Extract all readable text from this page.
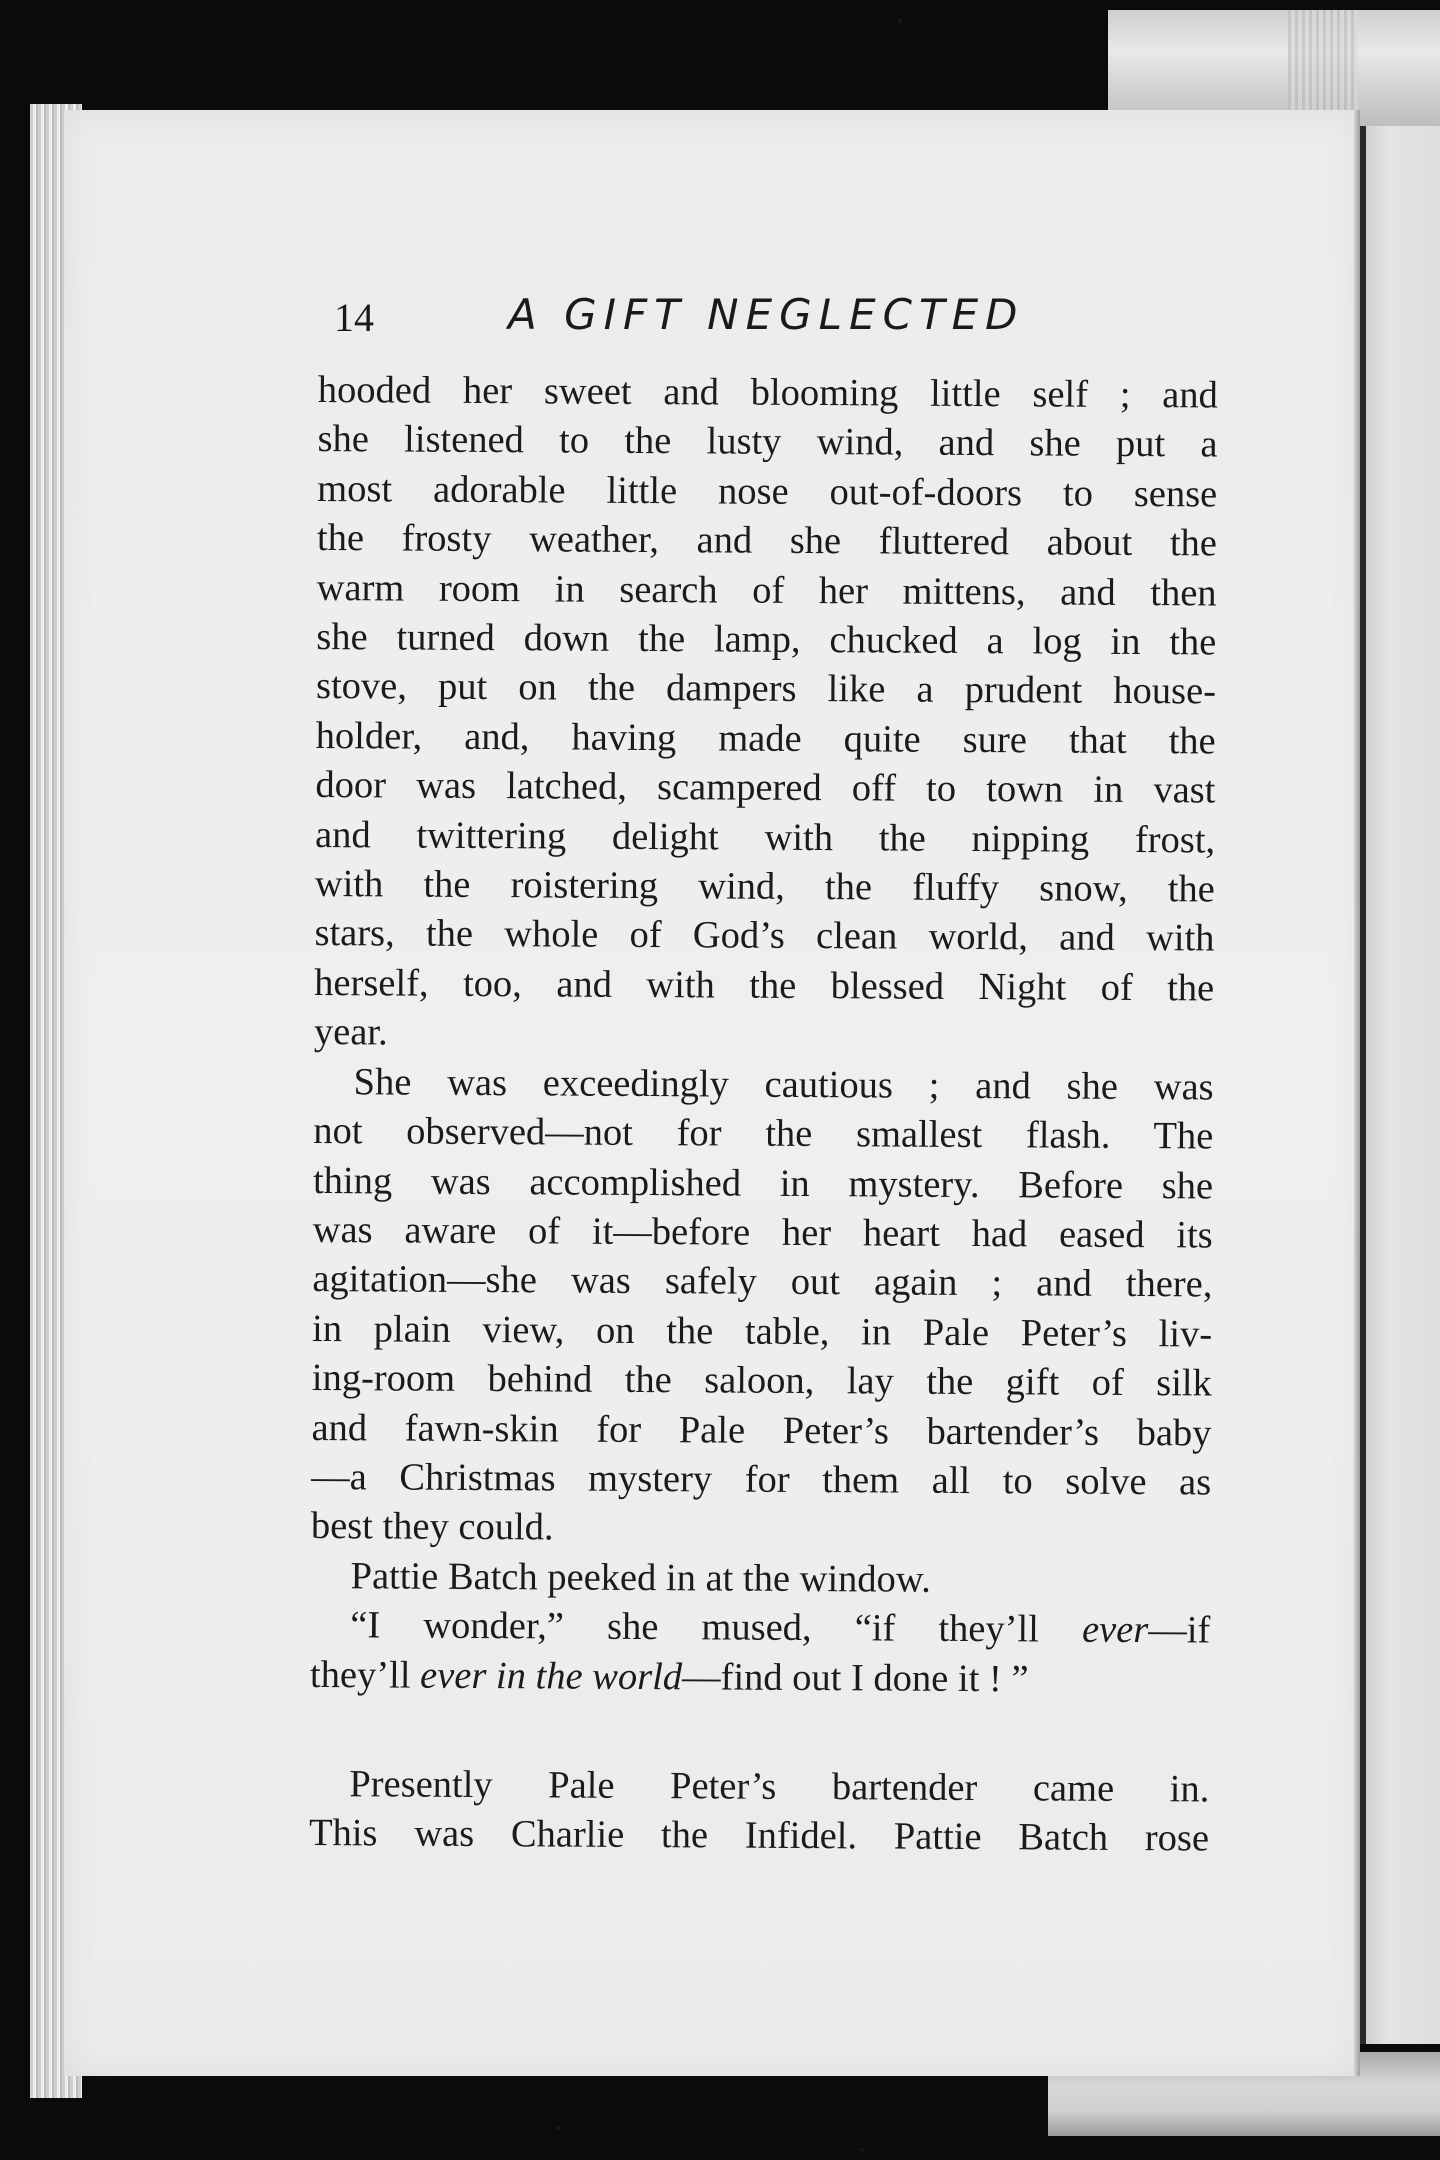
14	A GIFT NEGLECTED
hooded her sweet and blooming little self ; and
she listened to the lusty wind, and she put a
most adorable little nose out-of-doors to sense
the frosty weather, and she fluttered about the
warm room in search of her mittens, and then
she turned down the lamp, chucked a log in the
stove, put on the dampers like a prudent house-
holder, and, having made quite sure that the
door was latched, scampered off to town in vast
and twittering delight with the nipping frost,
with the roistering wind, the fluffy snow, the
stars, the whole of God’s clean world, and with
herself, too, and with the blessed Night of the
year.
She was exceedingly cautious ; and she was
not observed—not for the smallest flash. The
thing was accomplished in mystery. Before she
was aware of it—before her heart had eased its
agitation—she was safely out again ; and there,
in plain view, on the table, in Pale Peter’s liv-
ing-room behind the saloon, lay the gift of silk
and fawn-skin for Pale Peter’s bartender’s baby
—a Christmas mystery for them all to solve as
best they could.
Pattie Batch peeked in at the window.
“I wonder,” she mused, “if they’ll ever—if
they’ll ever in the world—find out I done it ! ”
Presently Pale Peter’s bartender came in.
This was Charlie the Infidel. Pattie Batch rose
